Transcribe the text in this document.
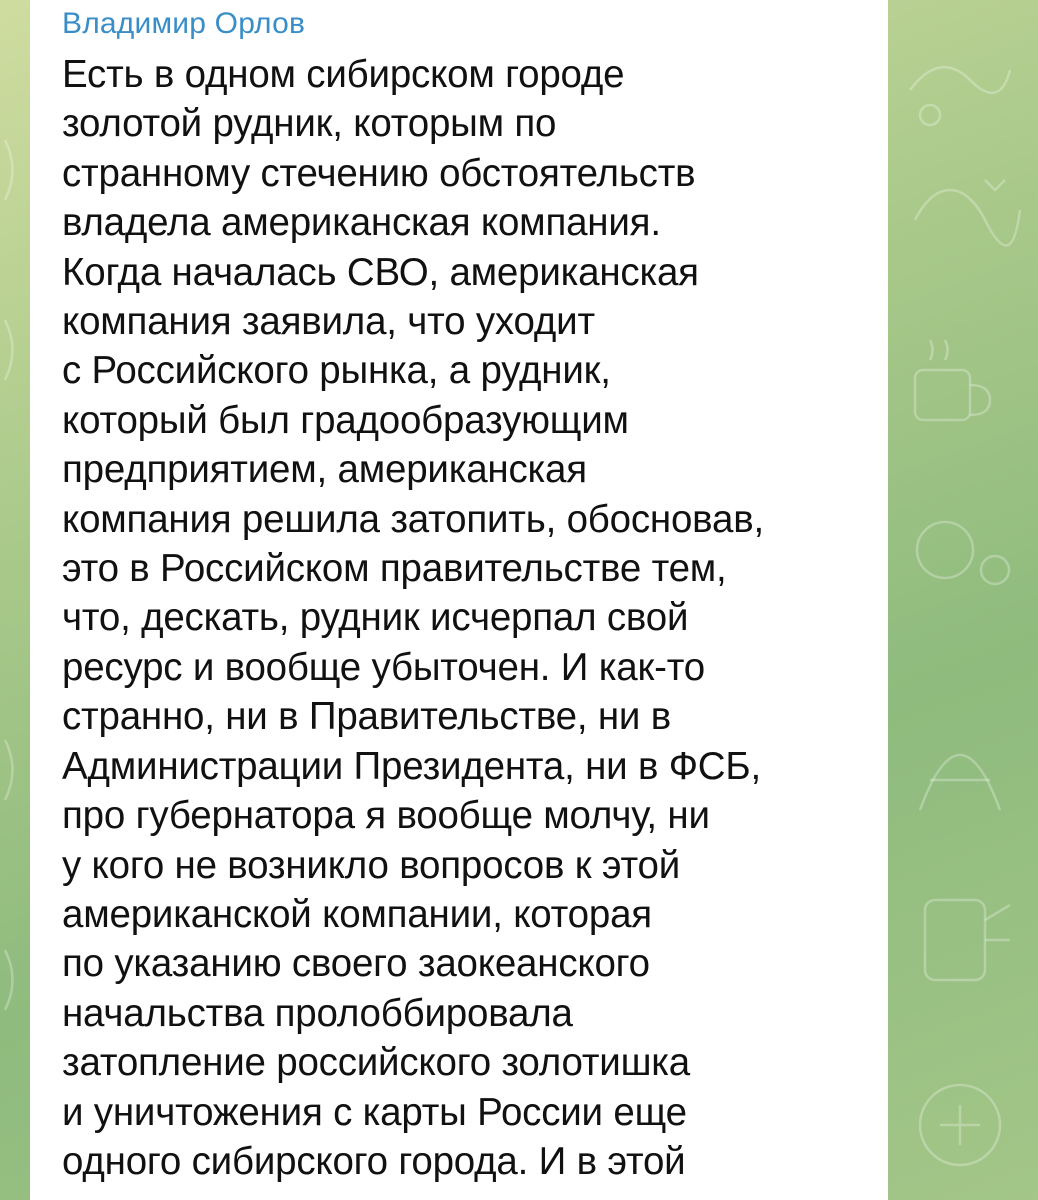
Владимир Орлов

Есть в одном сибирском городе
золотой рудник, которым по
странному стечению обстоятельств
владела американская компания.
Когда началась СВО, американская
компания заявила, что уходит
с Российского рынка, а рудник,
который был градообразующим
предприятием, американская
компания решила затопить, обосновав,
это в Российском правительстве тем,
что, дескать, рудник исчерпал свой
ресурс и вообще убыточен. И как-то
странно, ни в Правительстве, ни в
Администрации Президента, ни в ФСБ,
про губернатора я вообще молчу, ни
у кого не возникло вопросов к этой
американской компании, которая
по указанию своего заокеанского
начальства пролоббировала
затопление российского золотишка
и уничтожения с карты России еще
одного сибирского города. И в этой
